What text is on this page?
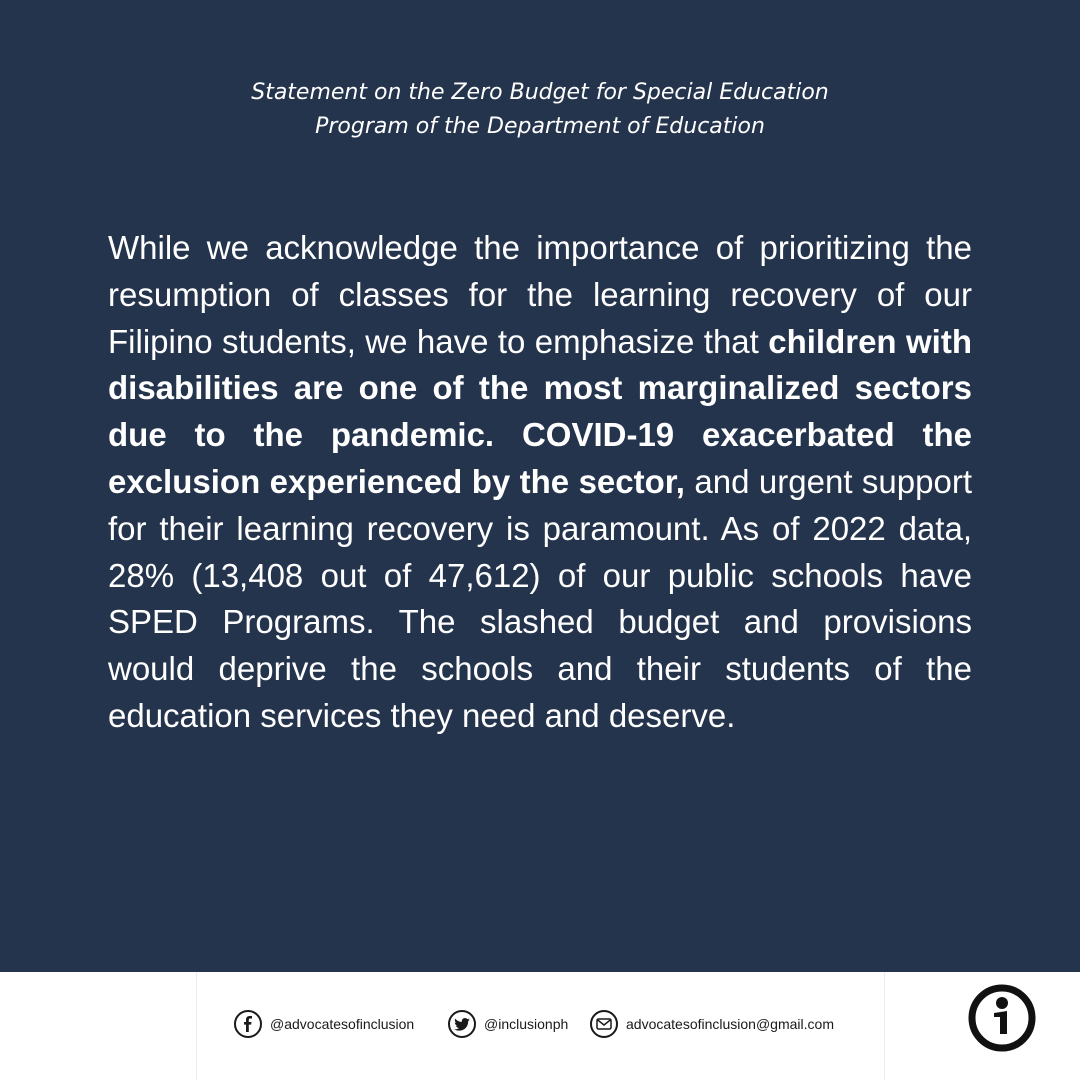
Statement on the Zero Budget for Special Education
Program of the Department of Education

While we acknowledge the importance of prioritizing the resumption of classes for the learning recovery of our Filipino students, we have to emphasize that children with disabilities are one of the most marginalized sectors due to the pandemic. COVID-19 exacerbated the exclusion experienced by the sector, and urgent support for their learning recovery is paramount. As of 2022 data, 28% (13,408 out of 47,612) of our public schools have SPED Programs. The slashed budget and provisions would deprive the schools and their students of the education services they need and deserve.

@advocatesofinclusion	@inclusionph	advocatesofinclusion@gmail.com
